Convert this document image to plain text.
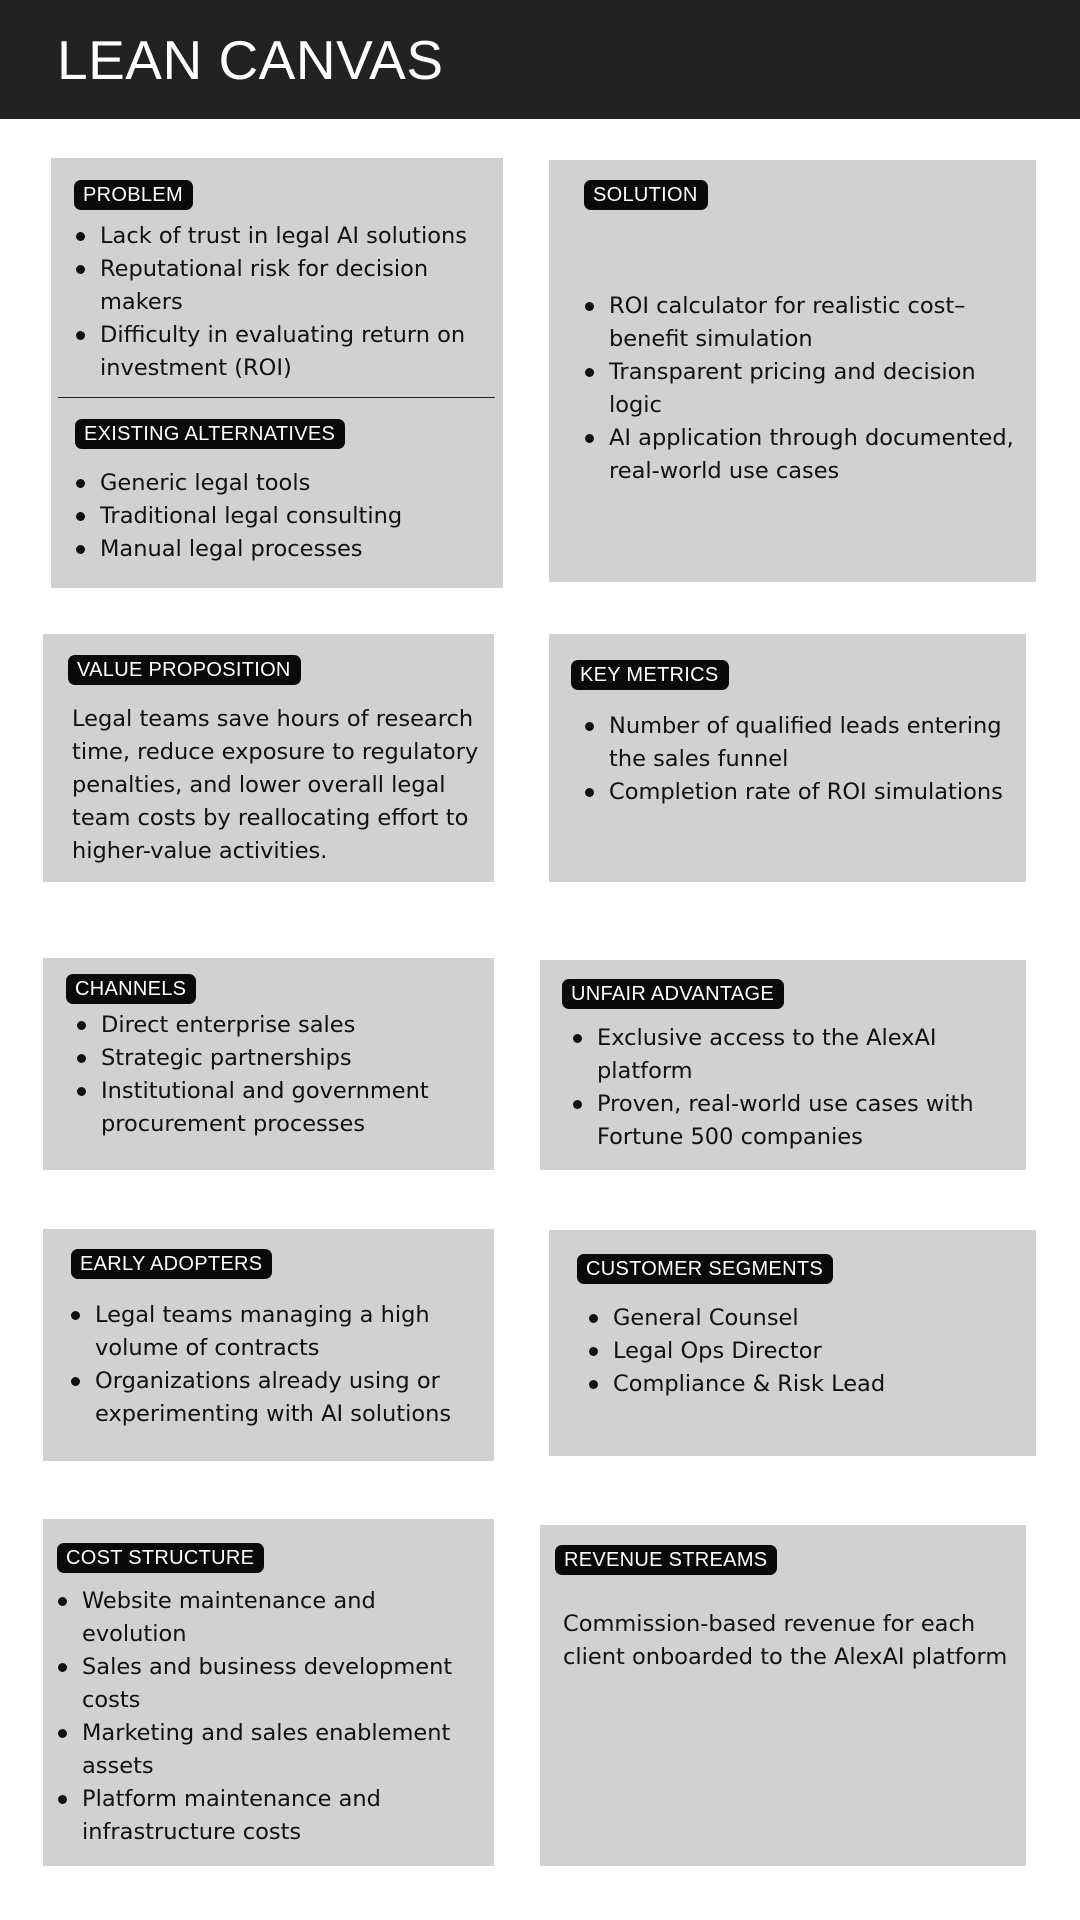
LEAN CANVAS
PROBLEM
Lack of trust in legal AI solutions
Reputational risk for decision makers
Difficulty in evaluating return on investment (ROI)
EXISTING ALTERNATIVES
Generic legal tools
Traditional legal consulting
Manual legal processes
SOLUTION
ROI calculator for realistic cost–benefit simulation
Transparent pricing and decision logic
AI application through documented, real-world use cases
VALUE PROPOSITION

Legal teams save hours of research time, reduce exposure to regulatory penalties, and lower overall legal team costs by reallocating effort to higher-value activities.

KEY METRICS
Number of qualified leads entering the sales funnel
Completion rate of ROI simulations
CHANNELS
Direct enterprise sales
Strategic partnerships
Institutional and government procurement processes
UNFAIR ADVANTAGE
Exclusive access to the AlexAI platform
Proven, real-world use cases with Fortune 500 companies
EARLY ADOPTERS
Legal teams managing a high volume of contracts
Organizations already using or experimenting with AI solutions
CUSTOMER SEGMENTS
General Counsel
Legal Ops Director
Compliance & Risk Lead
COST STRUCTURE
Website maintenance and evolution
Sales and business development costs
Marketing and sales enablement assets
Platform maintenance and infrastructure costs
REVENUE STREAMS

Commission-based revenue for each client onboarded to the AlexAI platform
